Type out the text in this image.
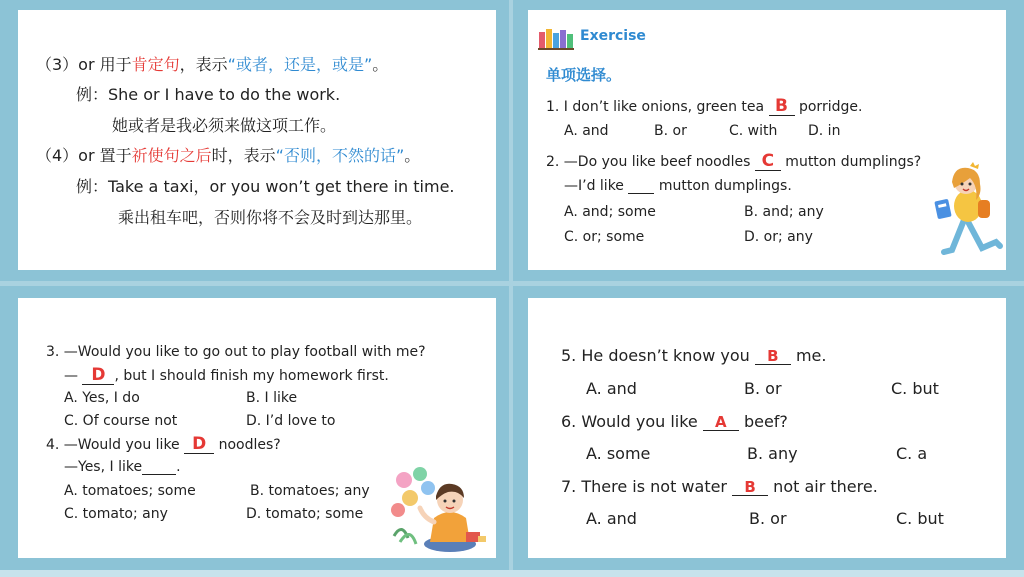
（3）or 用于肯定句，表示“或者，还是，或是”。
例：She or I have to do the work.
她或者是我必须来做这项工作。
（4）or 置于祈使句之后时，表示“否则，不然的话”。
例：Take a taxi，or you won’t get there in time.
乘出租车吧，否则你将不会及时到达那里。
Exercise
单项选择。
1. I don’t like onions, green tea B porridge.
A. and	B. or	C. with D. in
2. —Do you like beef noodles C mutton dumplings?
—I’d like   mutton dumplings.
A. and; some	B. and; any
C. or; some	D. or; any
3. —Would you like to go out to play football with me?
— D , but I should finish my homework first.
A. Yes, I do	B. I like
C. Of course not	D. I’d love to
4. —Would you like D noodles?
—Yes, I like .
A. tomatoes; some	B. tomatoes; any
C. tomato; any	D. tomato; some
5. He doesn’t know you B me.
A. and	B. or	C. but
6. Would you like A beef?
A. some	B. any	C. a
7. There is not water B not air there.
A. and	B. or	C. but
